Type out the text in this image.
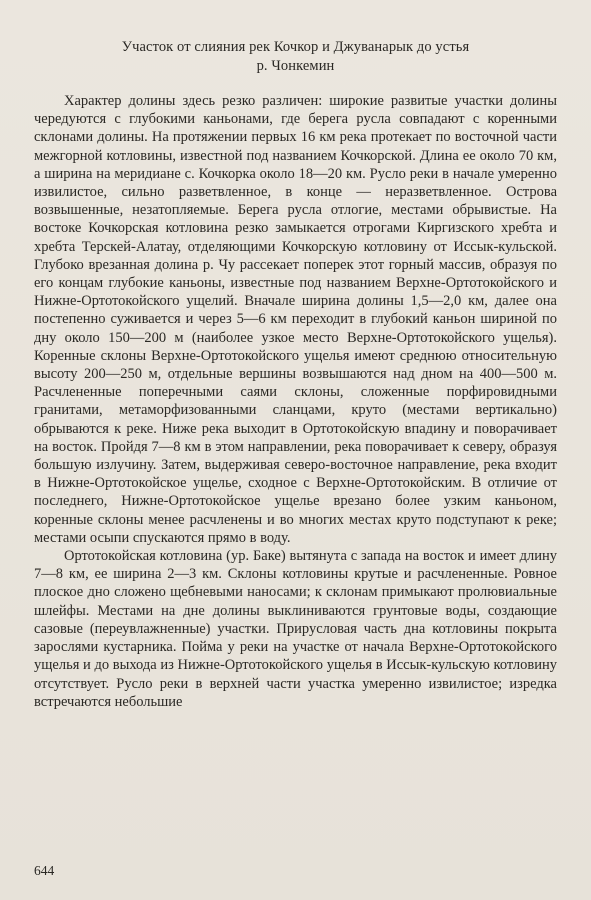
Участок от слияния рек Кочкор и Джуванарык до устья
р. Чонкемин

Характер долины здесь резко различен: широкие развитые участки долины чередуются с глубокими каньонами, где берега русла совпадают с коренными склонами долины. На протяжении первых 16 км река протекает по восточной части межгорной котловины, известной под названием Кочкорской. Длина ее около 70 км, а ширина на меридиане с. Кочкорка около 18—20 км. Русло реки в начале умеренно извилистое, сильно разветвленное, в конце — неразветвленное. Острова возвышенные, незатопляемые. Берега русла отлогие, местами обрывистые. На востоке Кочкорская котловина резко замыкается отрогами Киргизского хребта и хребта Терскей-Алатау, отделяющими Кочкорскую котловину от Иссык-кульской. Глубоко врезанная долина р. Чу рассекает поперек этот горный массив, образуя по его концам глубокие каньоны, известные под названием Верхне-Ортотокойского и Нижне-Ортотокойского ущелий. Вначале ширина долины 1,5—2,0 км, далее она постепенно суживается и через 5—6 км переходит в глубокий каньон шириной по дну около 150—200 м (наиболее узкое место Верхне-Ортотокойского ущелья). Коренные склоны Верхне-Ортотокойского ущелья имеют среднюю относительную высоту 200—250 м, отдельные вершины возвышаются над дном на 400—500 м. Расчлененные поперечными саями склоны, сложенные порфировидными гранитами, метаморфизованными сланцами, круто (местами вертикально) обрываются к реке. Ниже река выходит в Ортотокойскую впадину и поворачивает на восток. Пройдя 7—8 км в этом направлении, река поворачивает к северу, образуя большую излучину. Затем, выдерживая северо-восточное направление, река входит в Нижне-Ортотокойское ущелье, сходное с Верхне-Ортотокойским. В отличие от последнего, Нижне-Ортотокойское ущелье врезано более узким каньоном, коренные склоны менее расчленены и во многих местах круто подступают к реке; местами осыпи спускаются прямо в воду.

Ортотокойская котловина (ур. Баке) вытянута с запада на восток и имеет длину 7—8 км, ее ширина 2—3 км. Склоны котловины крутые и расчлененные. Ровное плоское дно сложено щебневыми наносами; к склонам примыкают пролювиальные шлейфы. Местами на дне долины выклиниваются грунтовые воды, создающие сазовые (переувлажненные) участки. Прирусловая часть дна котловины покрыта зарослями кустарника. Пойма у реки на участке от начала Верхне-Ортотокойского ущелья и до выхода из Нижне-Ортотокойского ущелья в Иссык-кульскую котловину отсутствует. Русло реки в верхней части участка умеренно извилистое; изредка встречаются небольшие

644
